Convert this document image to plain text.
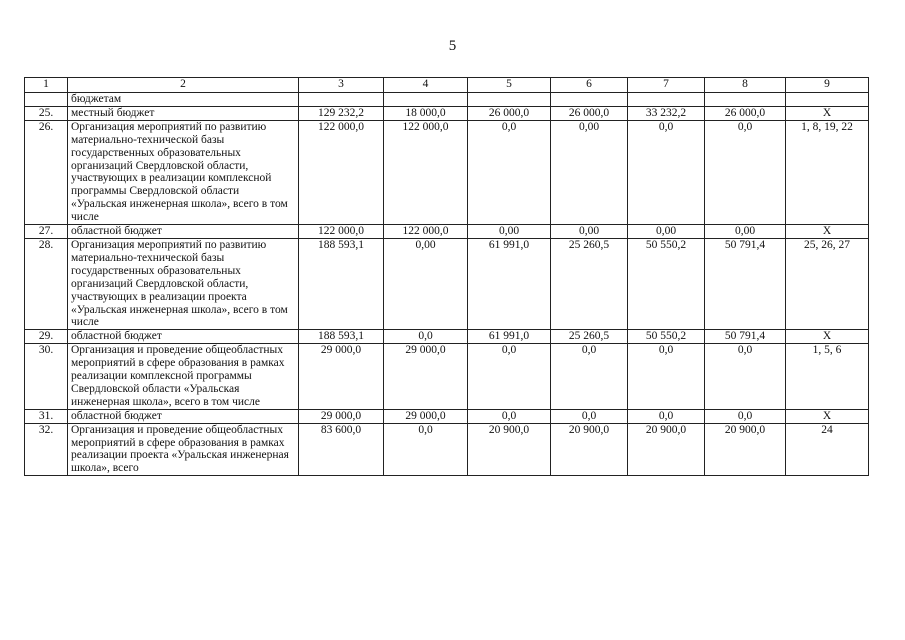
5
1	2	3	4	5	6	7	8	9
	бюджетам							
25.	местный бюджет	129 232,2	18 000,0	26 000,0	26 000,0	33 232,2	26 000,0	Х
26.	Организация мероприятий по развитию материально-технической базы государственных образовательных организаций Свердловской области, участвующих в реализации комплексной программы Свердловской области «Уральская инженерная школа», всего в том числе	122 000,0	122 000,0	0,0	0,00	0,0	0,0	1, 8, 19, 22
27.	областной бюджет	122 000,0	122 000,0	0,00	0,00	0,00	0,00	Х
28.	Организация мероприятий по развитию материально-технической базы государственных образовательных организаций Свердловской области, участвующих в реализации проекта «Уральская инженерная школа», всего в том числе	188 593,1	0,00	61 991,0	25 260,5	50 550,2	50 791,4	25, 26, 27
29.	областной бюджет	188 593,1	0,0	61 991,0	25 260,5	50 550,2	50 791,4	Х
30.	Организация и проведение общеобластных мероприятий в сфере образования в рамках реализации комплексной программы Свердловской области «Уральская инженерная школа», всего в том числе	29 000,0	29 000,0	0,0	0,0	0,0	0,0	1, 5, 6
31.	областной бюджет	29 000,0	29 000,0	0,0	0,0	0,0	0,0	Х
32.	Организация и проведение общеобластных мероприятий в сфере образования в рамках реализации проекта «Уральская инженерная школа», всего	83 600,0	0,0	20 900,0	20 900,0	20 900,0	20 900,0	24
